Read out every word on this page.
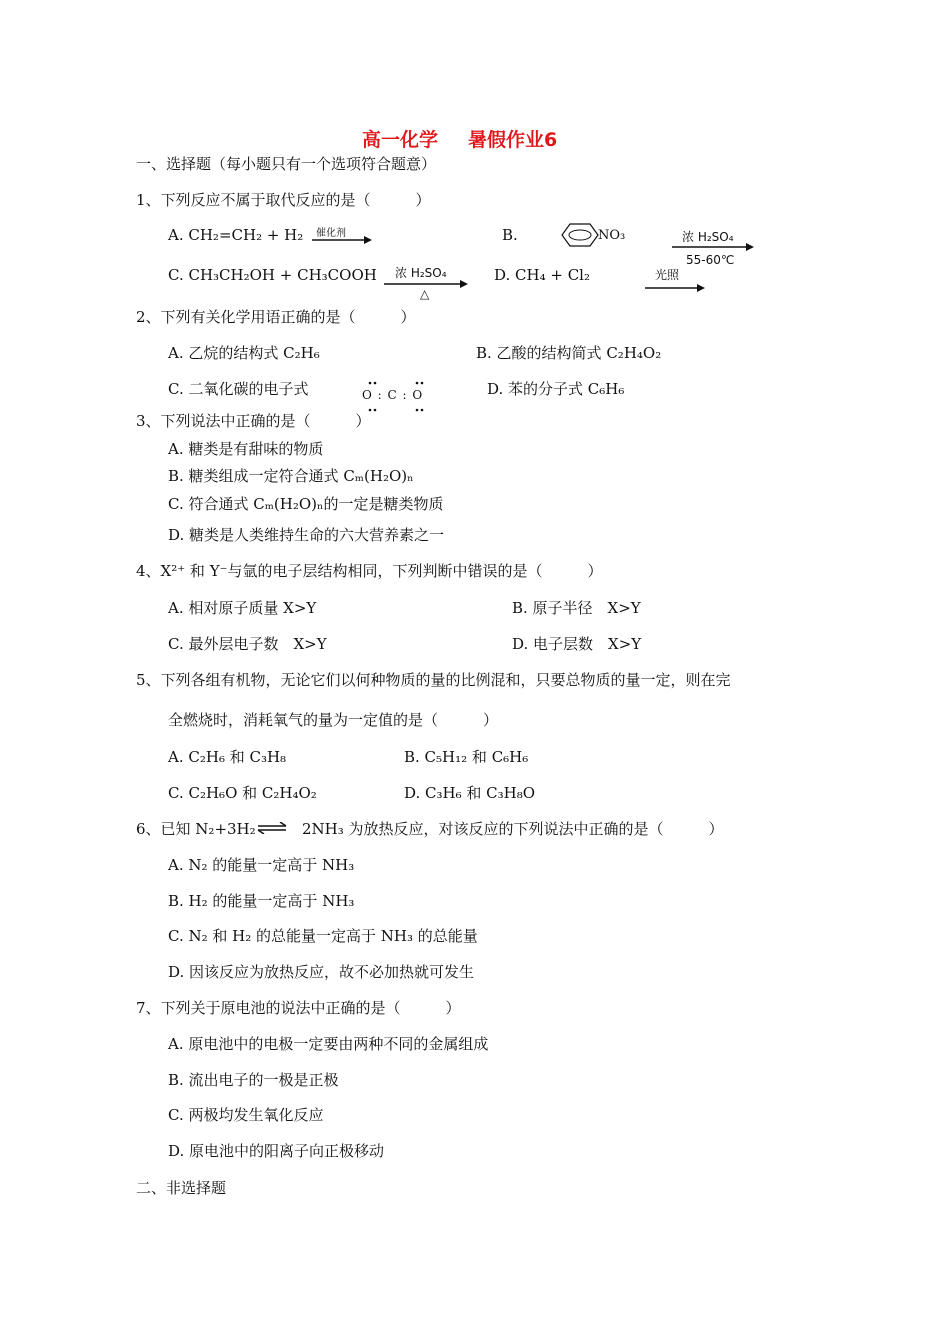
高一化学 暑假作业6
一、选择题（每小题只有一个选项符合题意）
1、下列反应不属于取代反应的是（　　　）
A. CH₂=CH₂ + H₂ 催化剂	B.	NO₃	浓 H₂SO₄
55-60℃
C. CH₃CH₂OH + CH₃COOH 浓 H₂SO₄
△
D. CH₄ + Cl₂	光照
2、下列有关化学用语正确的是（　　　）
A. 乙烷的结构式 C₂H₆	B. 乙酸的结构简式 C₂H₄O₂
C. 二氧化碳的电子式	O : C : O	D. 苯的分子式 C₆H₆
3、下列说法中正确的是（　　　）
A. 糖类是有甜味的物质
B. 糖类组成一定符合通式 Cₘ(H₂O)ₙ
C. 符合通式 Cₘ(H₂O)ₙ的一定是糖类物质
D. 糖类是人类维持生命的六大营养素之一
4、X²⁺ 和 Y⁻与氩的电子层结构相同，下列判断中错误的是（　　　）
A. 相对原子质量 X>Y	B. 原子半径　X>Y
C. 最外层电子数　X>Y	D. 电子层数　X>Y
5、下列各组有机物，无论它们以何种物质的量的比例混和，只要总物质的量一定，则在完
全燃烧时，消耗氧气的量为一定值的是（　　　）
A. C₂H₆ 和 C₃H₈	B. C₅H₁₂ 和 C₆H₆
C. C₂H₆O 和 C₂H₄O₂	D. C₃H₆ 和 C₃H₈O
6、已知 N₂+3H₂ ⇌ 2NH₃ 为放热反应，对该反应的下列说法中正确的是（　　　）
A. N₂ 的能量一定高于 NH₃
B. H₂ 的能量一定高于 NH₃
C. N₂ 和 H₂ 的总能量一定高于 NH₃ 的总能量
D. 因该反应为放热反应，故不必加热就可发生
7、下列关于原电池的说法中正确的是（　　　）
A. 原电池中的电极一定要由两种不同的金属组成
B. 流出电子的一极是正极
C. 两极均发生氧化反应
D. 原电池中的阳离子向正极移动
二、非选择题
